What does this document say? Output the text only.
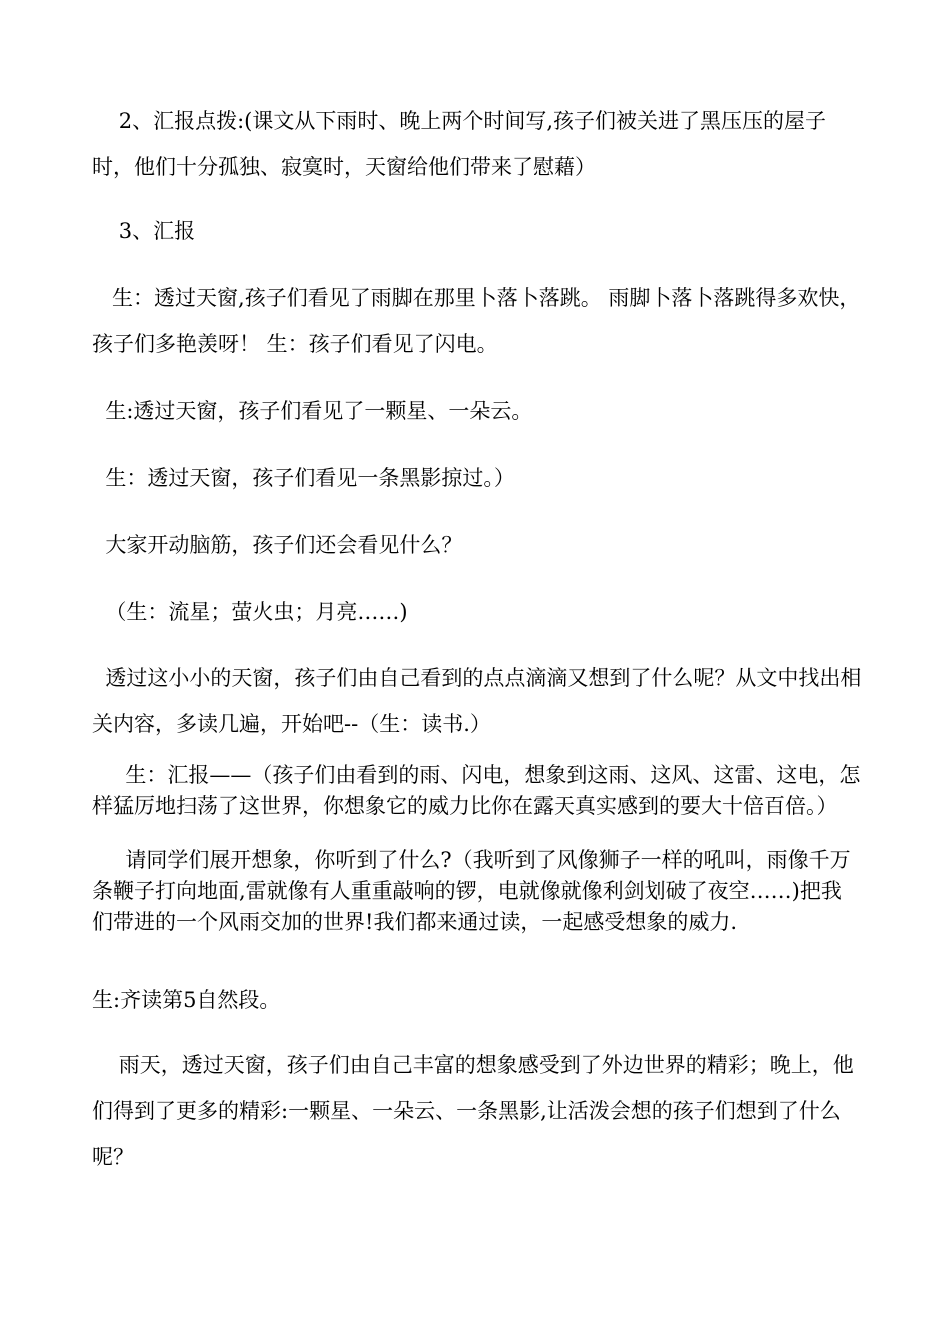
2、汇报点拨:(课文从下雨时、晚上两个时间写,孩子们被关进了黑压压的屋子时，他们十分孤独、寂寞时，天窗给他们带来了慰藉）

3、汇报

生：透过天窗,孩子们看见了雨脚在那里卜落卜落跳。 雨脚卜落卜落跳得多欢快，孩子们多艳羡呀！ 生：孩子们看见了闪电。

生:透过天窗，孩子们看见了一颗星、一朵云。

生：透过天窗，孩子们看见一条黑影掠过。）

大家开动脑筋，孩子们还会看见什么？

（生：流星；萤火虫；月亮……)

透过这小小的天窗，孩子们由自己看到的点点滴滴又想到了什么呢？从文中找出相关内容，多读几遍，开始吧--（生：读书.）

生：汇报——（孩子们由看到的雨、闪电，想象到这雨、这风、这雷、这电，怎样猛厉地扫荡了这世界，你想象它的威力比你在露天真实感到的要大十倍百倍。）

请同学们展开想象，你听到了什么?（我听到了风像狮子一样的吼叫，雨像千万条鞭子打向地面,雷就像有人重重敲响的锣，电就像就像利剑划破了夜空……)把我们带进的一个风雨交加的世界!我们都来通过读，一起感受想象的威力.

生:齐读第5自然段。

雨天，透过天窗，孩子们由自己丰富的想象感受到了外边世界的精彩；晚上，他们得到了更多的精彩:一颗星、一朵云、一条黑影,让活泼会想的孩子们想到了什么呢？
